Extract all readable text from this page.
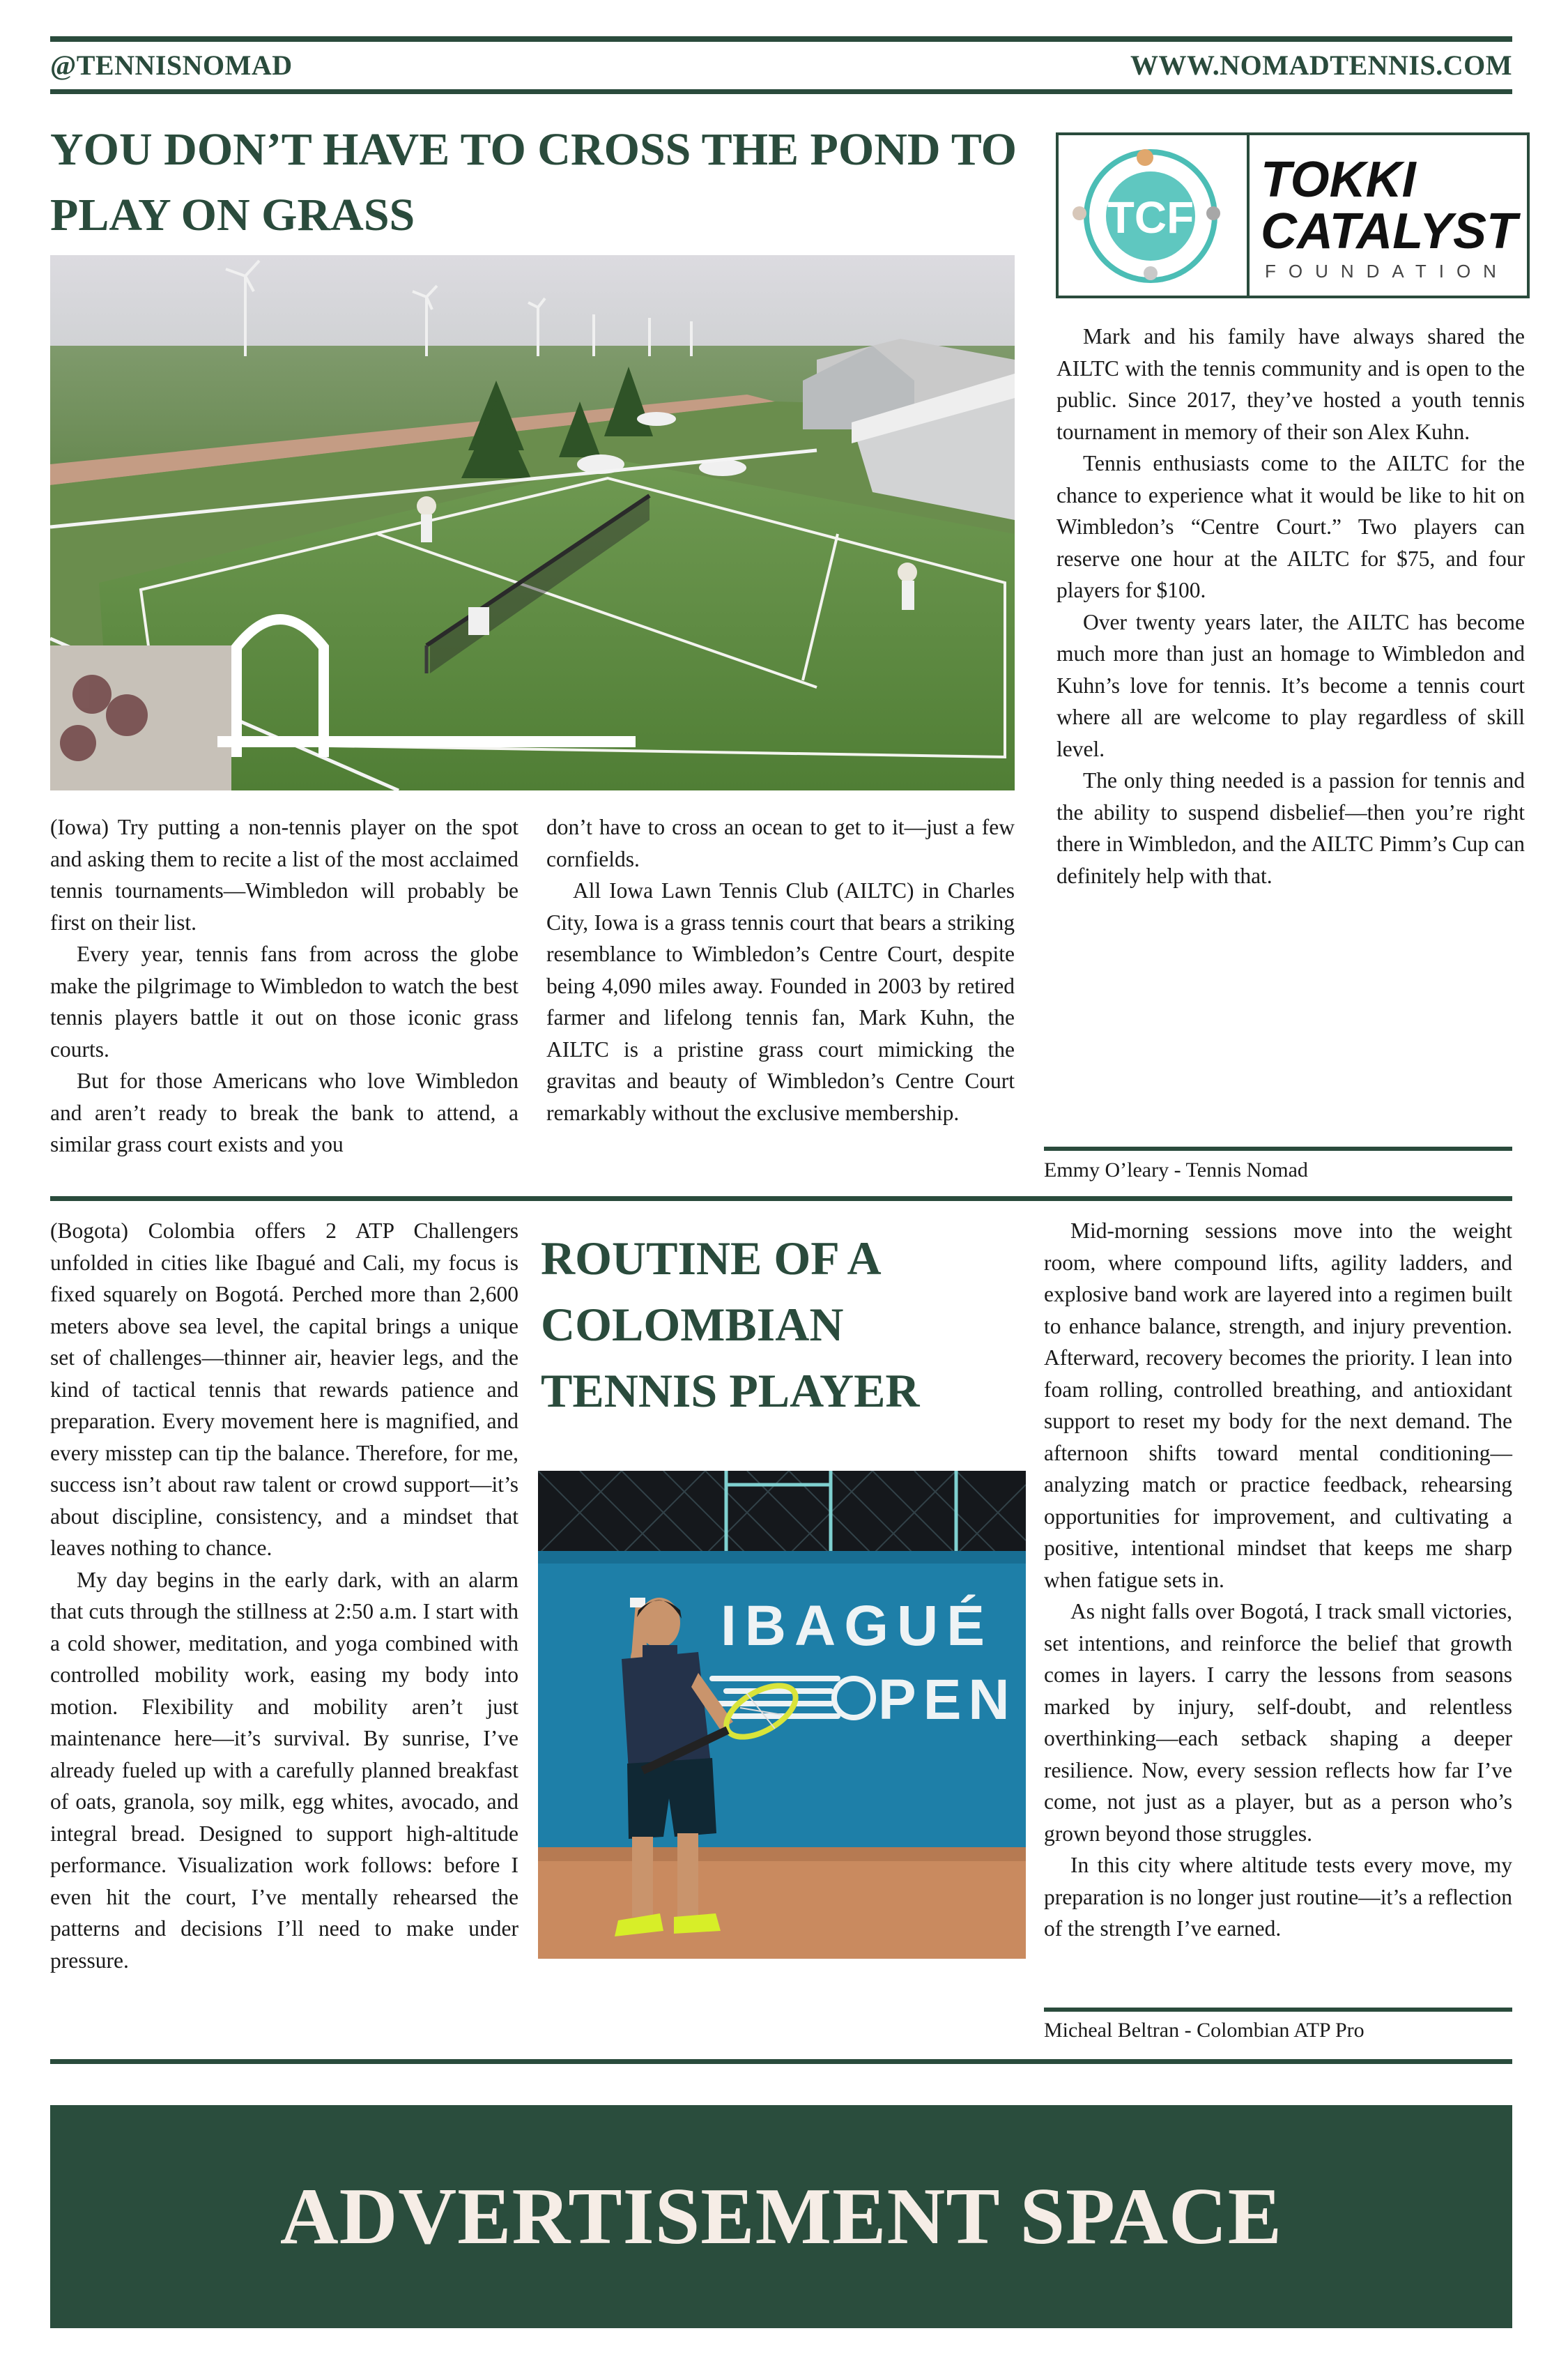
@TENNISNOMAD	WWW.NOMADTENNIS.COM
YOU DON’T HAVE TO CROSS THE POND TO PLAY ON GRASS

(Iowa) Try putting a non-tennis player on the spot and asking them to recite a list of the most acclaimed tennis tournaments—Wimbledon will probably be first on their list.

Every year, tennis fans from across the globe make the pilgrimage to Wimbledon to watch the best tennis players battle it out on those iconic grass courts.

But for those Americans who love Wimbledon and aren’t ready to break the bank to attend, a similar grass court exists and you

don’t have to cross an ocean to get to it—just a few cornfields.

All Iowa Lawn Tennis Club (AILTC) in Charles City, Iowa is a grass tennis court that bears a striking resemblance to Wimbledon’s Centre Court, despite being 4,090 miles away. Founded in 2003 by retired farmer and lifelong tennis fan, Mark Kuhn, the AILTC is a pristine grass court mimicking the gravitas and beauty of Wimbledon’s Centre Court remarkably without the exclusive membership.

TCF
TOKKI
CATALYST
FOUNDATION

Mark and his family have always shared the AILTC with the tennis community and is open to the public. Since 2017, they’ve hosted a youth tennis tournament in memory of their son Alex Kuhn.

Tennis enthusiasts come to the AILTC for the chance to experience what it would be like to hit on Wimbledon’s “Centre Court.” Two players can reserve one hour at the AILTC for $75, and four players for $100.

Over twenty years later, the AILTC has become much more than just an homage to Wimbledon and Kuhn’s love for tennis. It’s become a tennis court where all are welcome to play regardless of skill level.

The only thing needed is a passion for tennis and the ability to suspend disbelief—then you’re right there in Wimbledon, and the AILTC Pimm’s Cup can definitely help with that.

Emmy O’leary - Tennis Nomad

(Bogota) Colombia offers 2 ATP Challengers unfolded in cities like Ibagué and Cali, my focus is fixed squarely on Bogotá. Perched more than 2,600 meters above sea level, the capital brings a unique set of challenges—thinner air, heavier legs, and the kind of tactical tennis that rewards patience and preparation. Every movement here is magnified, and every misstep can tip the balance. Therefore, for me, success isn’t about raw talent or crowd support—it’s about discipline, consistency, and a mindset that leaves nothing to chance.

My day begins in the early dark, with an alarm that cuts through the stillness at 2:50 a.m. I start with a cold shower, meditation, and yoga combined with controlled mobility work, easing my body into motion. Flexibility and mobility aren’t just maintenance here—it’s survival. By sunrise, I’ve already fueled up with a carefully planned breakfast of oats, granola, soy milk, egg whites, avocado, and integral bread. Designed to support high-altitude performance. Visualization work follows: before I even hit the court, I’ve mentally rehearsed the patterns and decisions I’ll need to make under pressure.

ROUTINE OF A
COLOMBIAN
TENNIS PLAYER
IBAGUÉ
PEN

Mid-morning sessions move into the weight room, where compound lifts, agility ladders, and explosive band work are layered into a regimen built to enhance balance, strength, and injury prevention. Afterward, recovery becomes the priority. I lean into foam rolling, controlled breathing, and antioxidant support to reset my body for the next demand. The afternoon shifts toward mental conditioning—analyzing match or practice feedback, rehearsing opportunities for improvement, and cultivating a positive, intentional mindset that keeps me sharp when fatigue sets in.

As night falls over Bogotá, I track small victories, set intentions, and reinforce the belief that growth comes in layers. I carry the lessons from seasons marked by injury, self-doubt, and relentless overthinking—each setback shaping a deeper resilience. Now, every session reflects how far I’ve come, not just as a player, but as a person who’s grown beyond those struggles.

In this city where altitude tests every move, my preparation is no longer just routine—it’s a reflection of the strength I’ve earned.

Micheal Beltran - Colombian ATP Pro
ADVERTISEMENT SPACE
